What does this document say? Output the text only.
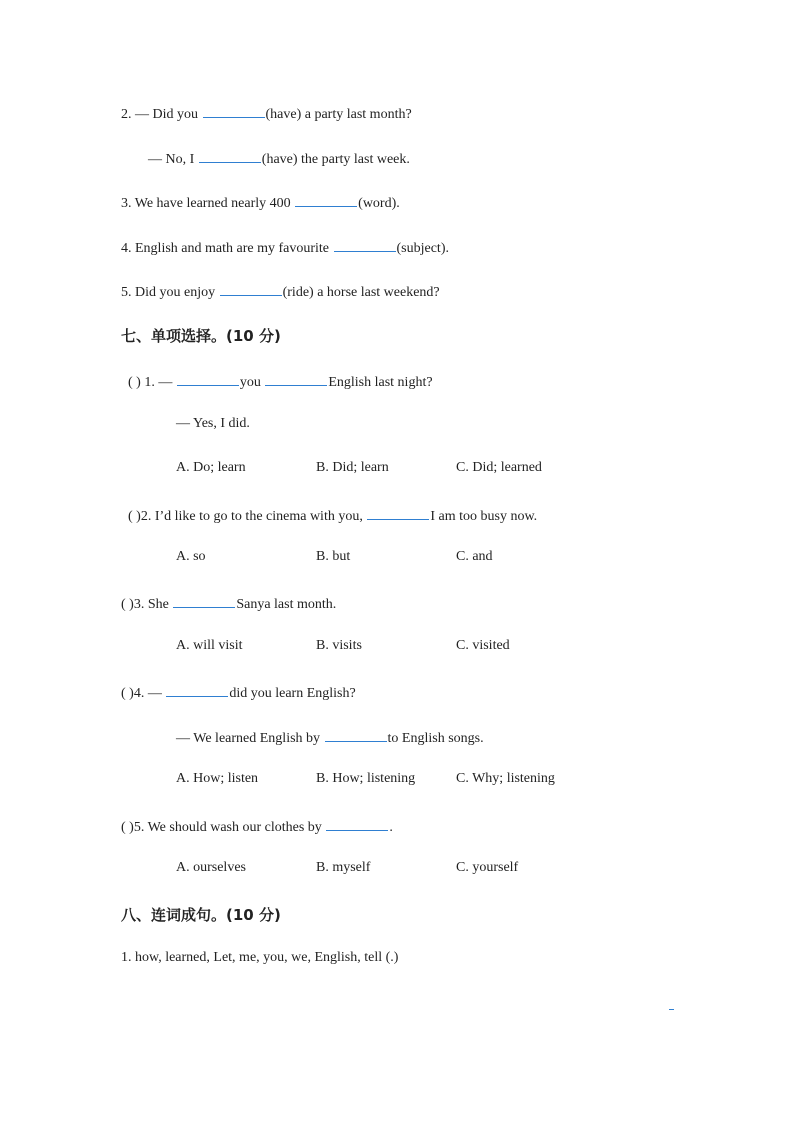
2. — Did you	(have) a party last month?
— No, I	(have) the party last week.
3. We have learned nearly 400	(word).
4. English and math are my favourite	(subject).
5. Did you enjoy	(ride) a horse last weekend?
七、单项选择。(10 分)
( ) 1. —	you	English last night?
— Yes, I did.
A. Do; learn	B. Did; learn	C. Did; learned
( )2. I’d like to go to the cinema with you,	I am too busy now.
A. so	B. but	C. and
( )3. She	Sanya last month.
A. will visit	B. visits	C. visited
( )4. —	did you learn English?
— We learned English by	to English songs.
A. How; listen	B. How; listening	C. Why; listening
( )5. We should wash our clothes by	.
A. ourselves	B. myself	C. yourself
八、连词成句。(10 分)
1. how, learned, Let, me, you, we, English, tell (.)
